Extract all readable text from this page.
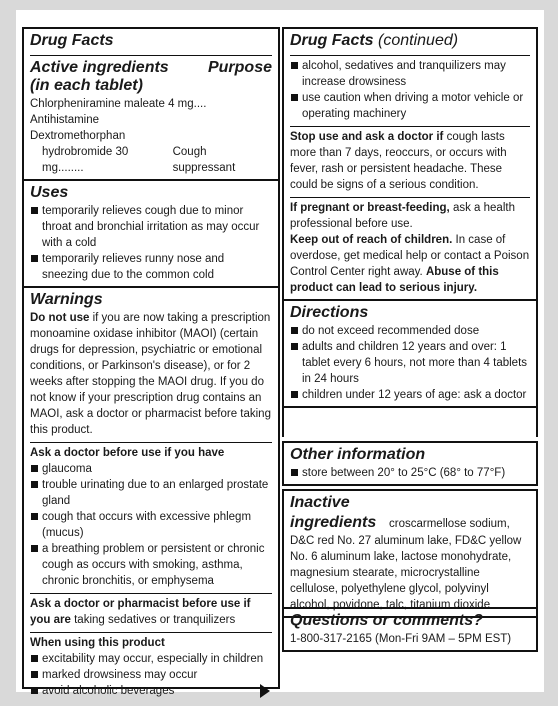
Drug Facts
Active ingredients Purpose
(in each tablet)
Chlorpheniramine maleate 4 mg.... Antihistamine
Dextromethorphan
hydrobromide 30 mg........
Cough suppressant
Uses
temporarily relieves cough due to minor throat and bronchial irritation as may occur with a cold
temporarily relieves runny nose and sneezing due to the common cold
Warnings
Do not use if you are now taking a prescription monoamine oxidase inhibitor (MAOI) (certain drugs for depression, psychiatric or emotional conditions, or Parkinson's disease), or for 2 weeks after stopping the MAOI drug. If you do not know if your prescription drug contains an MAOI, ask a doctor or pharmacist before taking this product.
Ask a doctor before use if you have
glaucoma
trouble urinating due to an enlarged prostate gland
cough that occurs with excessive phlegm (mucus)
a breathing problem or persistent or chronic cough as occurs with smoking, asthma, chronic bronchitis, or emphysema
Ask a doctor or pharmacist before use if you are taking sedatives or tranquilizers
When using this product
excitability may occur, especially in children
marked drowsiness may occur
avoid alcoholic beverages
Drug Facts (continued)
alcohol, sedatives and tranquilizers may increase drowsiness
use caution when driving a motor vehicle or operating machinery
Stop use and ask a doctor if cough lasts more than 7 days, reoccurs, or occurs with fever, rash or persistent headache. These could be signs of a serious condition.
If pregnant or breast-feeding, ask a health professional before use.
Keep out of reach of children. In case of overdose, get medical help or contact a Poison Control Center right away. Abuse of this product can lead to serious injury.
Directions
do not exceed recommended dose
adults and children 12 years and over: 1 tablet every 6 hours, not more than 4 tablets in 24 hours
children under 12 years of age: ask a doctor
Other information
store between 20° to 25°C (68° to 77°F)
Inactive ingredients croscarmellose sodium, D&C red No. 27 aluminum lake, FD&C yellow No. 6 aluminum lake, lactose monohydrate, magnesium stearate, microcrystalline cellulose, polyethylene glycol, polyvinyl alcohol, povidone, talc, titanium dioxide
Questions or comments?
1-800-317-2165 (Mon-Fri 9AM – 5PM EST)
